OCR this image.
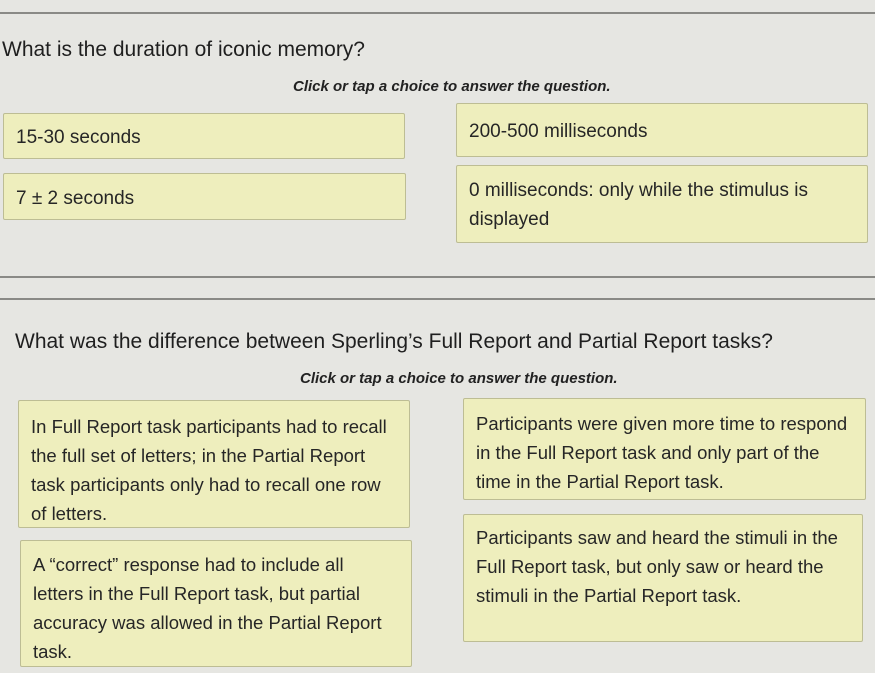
What is the duration of iconic memory?
Click or tap a choice to answer the question.
15-30 seconds	200-500 milliseconds
7 ± 2 seconds	0 milliseconds: only while the stimulus is displayed
What was the difference between Sperling’s Full Report and Partial Report tasks?
Click or tap a choice to answer the question.
In Full Report task participants had to recall the full set of letters; in the Partial Report task participants only had to recall one row of letters.
Participants were given more time to respond in the Full Report task and only part of the time in the Partial Report task.
A “correct” response had to include all letters in the Full Report task, but partial accuracy was allowed in the Partial Report task.
Participants saw and heard the stimuli in the Full Report task, but only saw or heard the stimuli in the Partial Report task.
